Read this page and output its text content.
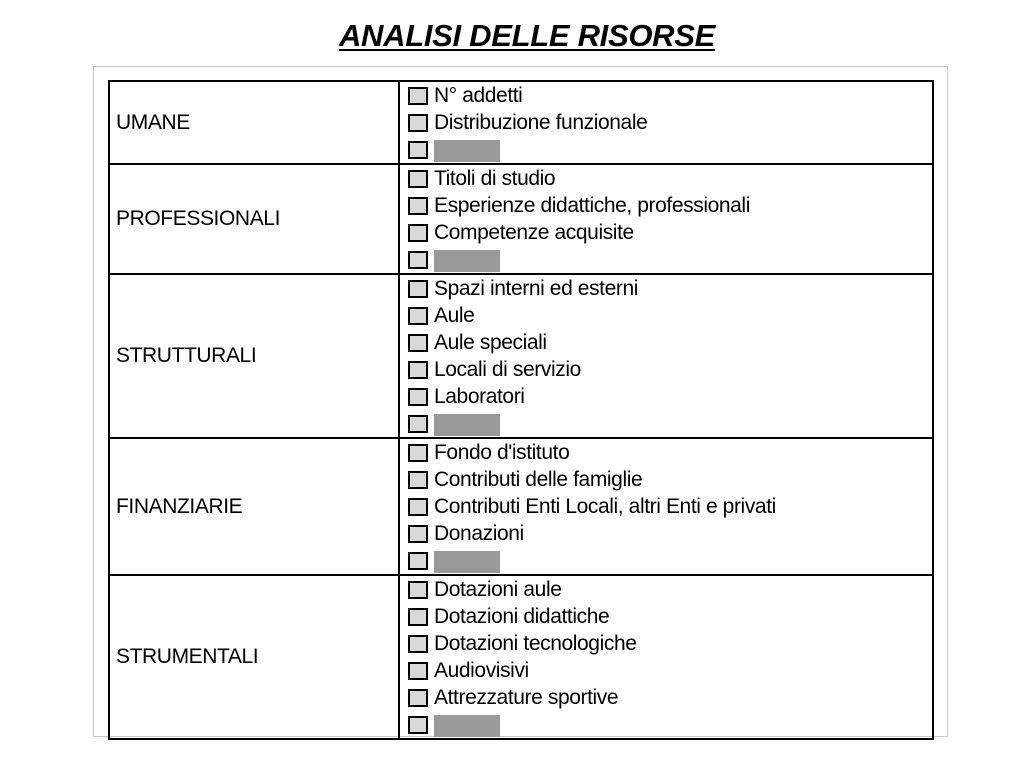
ANALISI DELLE RISORSE
UMANE
N° addetti
Distribuzione funzionale
PROFESSIONALI
Titoli di studio
Esperienze didattiche, professionali
Competenze acquisite
STRUTTURALI
Spazi interni ed esterni
Aule
Aule speciali
Locali di servizio
Laboratori
FINANZIARIE
Fondo d'istituto
Contributi delle famiglie
Contributi Enti Locali, altri Enti e privati
Donazioni
STRUMENTALI
Dotazioni aule
Dotazioni didattiche
Dotazioni tecnologiche
Audiovisivi
Attrezzature sportive
